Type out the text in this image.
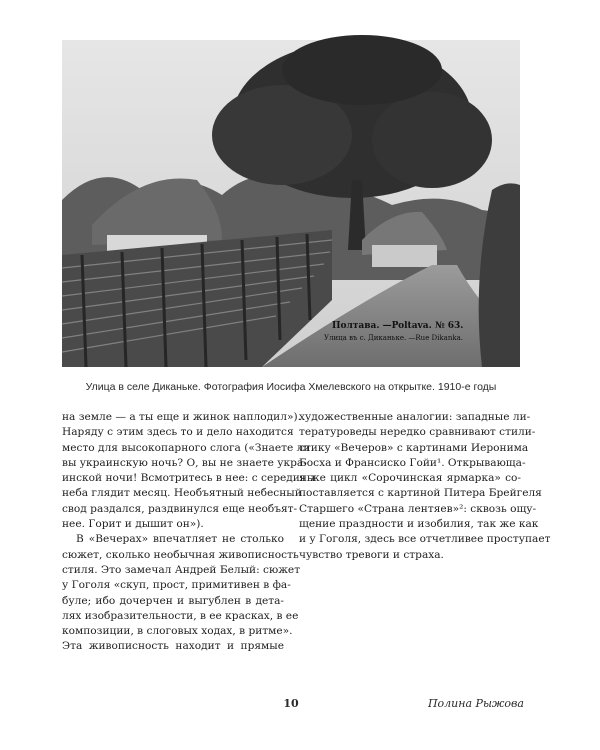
Полтава. —Poltava. № 63.
Улица въ с. Диканьке. —Rue Dikanka.
Улица в селе Диканьке. Фотография Иосифа Хмелевского на открытке. 1910-е годы
на земле — а ты еще и жинок наплодил»).
Наряду с этим здесь то и дело находится
место для высокопарного слога («Знаете ли
вы украинскую ночь? О, вы не знаете укра-
инской ночи! Всмотритесь в нее: с середины
неба глядит месяц. Необъятный небесный
свод раздался, раздвинулся еще необъят-
нее. Горит и дышит он»).
В «Вечерах» впечатляет не столько
сюжет, сколько необычная живописность
стиля. Это замечал Андрей Белый: сюжет
у Гоголя «скуп, прост, примитивен в фа-
буле; ибо дочерчен и выгублен в дета-
лях изобразительности, в ее красках, в ее
композиции, в слоговых ходах, в ритме».
Эта живописность находит и прямые
художественные аналогии: западные ли-
тературоведы нередко сравнивают стили-
стику «Вечеров» с картинами Иеронима
Босха и Франсиско Гойи¹. Открывающа-
я же цикл «Сорочинская ярмарка» со-
поставляется с картиной Питера Брейгеля
Старшего «Страна лентяев»²: сквозь ощу-
щение праздности и изобилия, так же как
и у Гоголя, здесь все отчетливее проступает
чувство тревоги и страха.
10	Полина Рыжова
